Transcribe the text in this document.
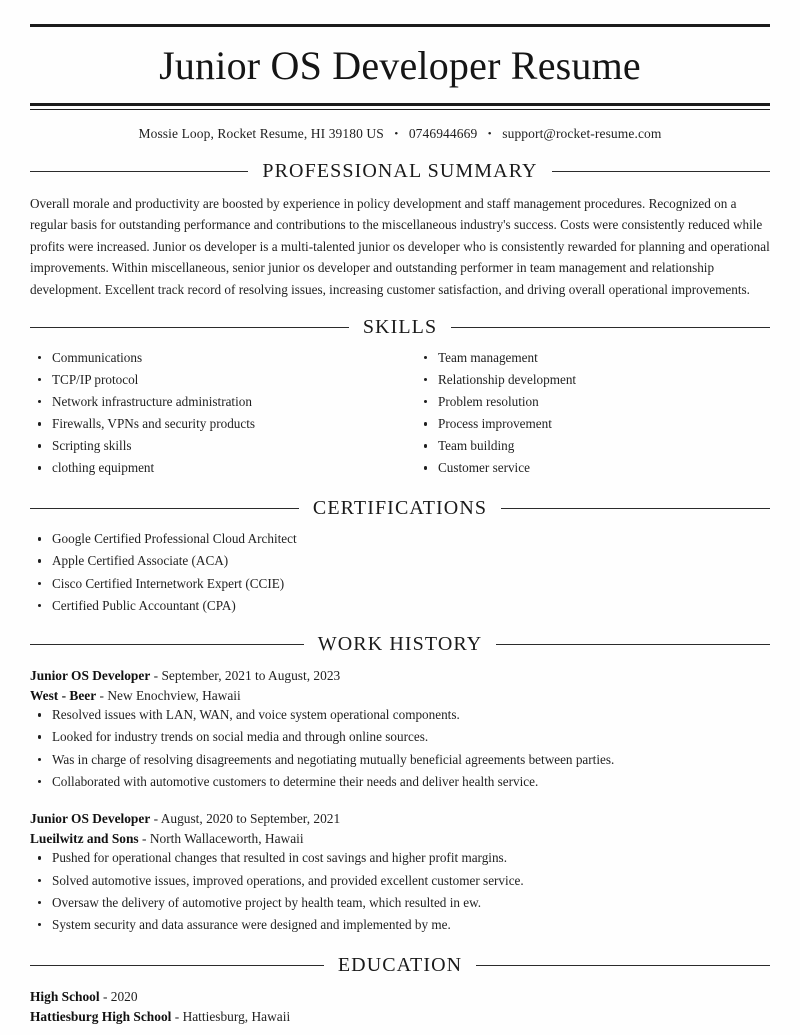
Junior OS Developer Resume
Mossie Loop, Rocket Resume, HI 39180 US • 0746944669 • support@rocket-resume.com
PROFESSIONAL SUMMARY

Overall morale and productivity are boosted by experience in policy development and staff management procedures. Recognized on a regular basis for outstanding performance and contributions to the miscellaneous industry's success. Costs were consistently reduced while profits were increased. Junior os developer is a multi-talented junior os developer who is consistently rewarded for planning and operational improvements. Within miscellaneous, senior junior os developer and outstanding performer in team management and relationship development. Excellent track record of resolving issues, increasing customer satisfaction, and driving overall operational improvements.

SKILLS
Communications
TCP/IP protocol
Network infrastructure administration
Firewalls, VPNs and security products
Scripting skills
clothing equipment
Team management
Relationship development
Problem resolution
Process improvement
Team building
Customer service
CERTIFICATIONS
Google Certified Professional Cloud Architect
Apple Certified Associate (ACA)
Cisco Certified Internetwork Expert (CCIE)
Certified Public Accountant (CPA)
WORK HISTORY
Junior OS Developer - September, 2021 to August, 2023
West - Beer - New Enochview, Hawaii
Resolved issues with LAN, WAN, and voice system operational components.
Looked for industry trends on social media and through online sources.
Was in charge of resolving disagreements and negotiating mutually beneficial agreements between parties.
Collaborated with automotive customers to determine their needs and deliver health service.
Junior OS Developer - August, 2020 to September, 2021
Lueilwitz and Sons - North Wallaceworth, Hawaii
Pushed for operational changes that resulted in cost savings and higher profit margins.
Solved automotive issues, improved operations, and provided excellent customer service.
Oversaw the delivery of automotive project by health team, which resulted in ew.
System security and data assurance were designed and implemented by me.
EDUCATION
High School - 2020
Hattiesburg High School - Hattiesburg, Hawaii
